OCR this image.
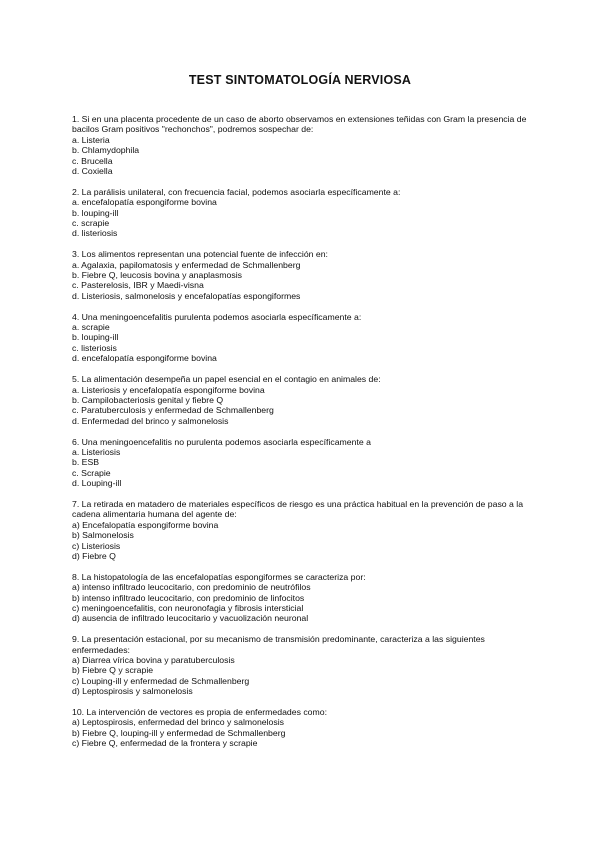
TEST SINTOMATOLOGÍA NERVIOSA
1. Si en una placenta procedente de un caso de aborto observamos en extensiones teñidas con Gram la presencia de bacilos Gram positivos "rechonchos", podremos sospechar de:
a. Listeria
b. Chlamydophila
c. Brucella
d. Coxiella
2. La parálisis unilateral, con frecuencia facial, podemos asociarla específicamente a:
a. encefalopatía espongiforme bovina
b. louping-ill
c. scrapie
d. listeriosis
3. Los alimentos representan una potencial fuente de infección en:
a. Agalaxia, papilomatosis y enfermedad de Schmallenberg
b. Fiebre Q, leucosis bovina y anaplasmosis
c. Pasterelosis, IBR y Maedi-visna
d. Listeriosis, salmonelosis y encefalopatías espongiformes
4. Una meningoencefalitis purulenta podemos asociarla específicamente a:
a. scrapie
b. louping-ill
c. listeriosis
d. encefalopatía espongiforme bovina
5. La alimentación desempeña un papel esencial en el contagio en animales de:
a. Listeriosis y encefalopatía espongiforme bovina
b. Campilobacteriosis genital y fiebre Q
c. Paratuberculosis y enfermedad de Schmallenberg
d. Enfermedad del brinco y salmonelosis
6. Una meningoencefalitis no purulenta podemos asociarla específicamente a
a. Listeriosis
b. ESB
c. Scrapie
d. Louping-ill
7. La retirada en matadero de materiales específicos de riesgo es una práctica habitual en la prevención de paso a la cadena alimentaria humana del agente de:
a) Encefalopatía espongiforme bovina
b) Salmonelosis
c) Listeriosis
d) Fiebre Q
8. La histopatología de las encefalopatías espongiformes se caracteriza por:
a) intenso infiltrado leucocitario, con predominio de neutrófilos
b) intenso infiltrado leucocitario, con predominio de linfocitos
c) meningoencefalitis, con neuronofagia y fibrosis intersticial
d) ausencia de infiltrado leucocitario y vacuolización neuronal
9. La presentación estacional, por su mecanismo de transmisión predominante, caracteriza a las siguientes enfermedades:
a) Diarrea vírica bovina y paratuberculosis
b) Fiebre Q y scrapie
c) Louping-ill y enfermedad de Schmallenberg
d) Leptospirosis y salmonelosis
10. La intervención de vectores es propia de enfermedades como:
a) Leptospirosis, enfermedad del brinco y salmonelosis
b) Fiebre Q, louping-ill y enfermedad de Schmallenberg
c) Fiebre Q, enfermedad de la frontera y scrapie
